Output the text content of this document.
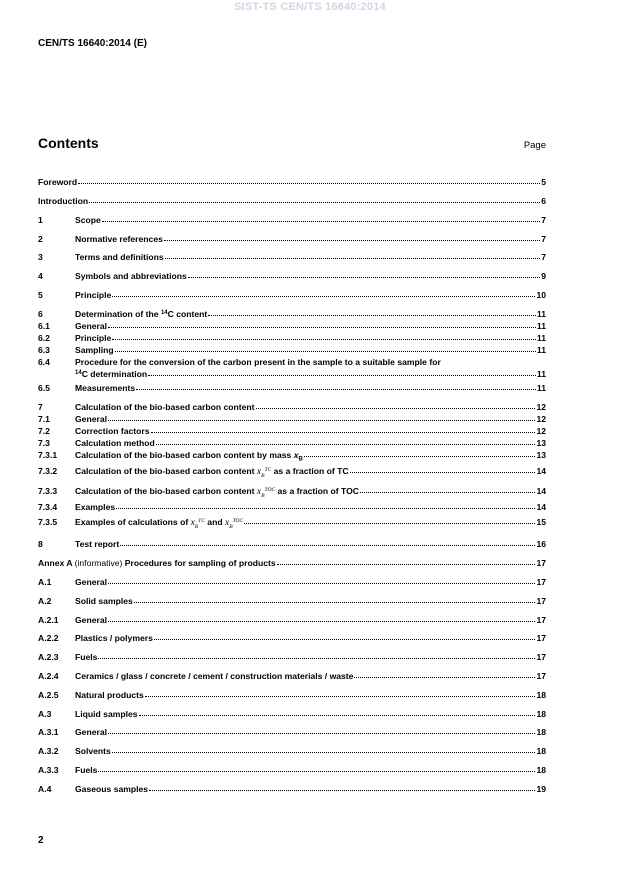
SIST-TS CEN/TS 16640:2014
CEN/TS 16640:2014 (E)
Contents	Page
Foreword	5
Introduction	6
1	Scope	7
2	Normative references	7
3	Terms and definitions	7
4	Symbols and abbreviations	9
5	Principle	10
6	Determination of the $^{14}$C content	11
6.1	General	11
6.2	Principle	11
6.3	Sampling	11
6.4	Procedure for the conversion of the carbon present in the sample to a suitable sample for
$^{14}$C determination	11
6.5	Measurements	11
7	Calculation of the bio-based carbon content	12
7.1	General	12
7.2	Correction factors	12
7.3	Calculation method	13
7.3.1	Calculation of the bio-based carbon content by mass $x_B$	13
7.3.2	Calculation of the bio-based carbon content $x_B^{TC}$ as a fraction of TC	14
7.3.3	Calculation of the bio-based carbon content $x_B^{TOC}$ as a fraction of TOC	14
7.3.4	Examples	14
7.3.5	Examples of calculations of $x_B^{TC}$ and $x_B^{TOC}$	15
8	Test report	16
Annex A (informative) Procedures for sampling of products	17
A.1	General	17
A.2	Solid samples	17
A.2.1	General	17
A.2.2	Plastics / polymers	17
A.2.3	Fuels	17
A.2.4	Ceramics / glass / concrete / cement / construction materials / waste	17
A.2.5	Natural products	18
A.3	Liquid samples	18
A.3.1	General	18
A.3.2	Solvents	18
A.3.3	Fuels	18
A.4	Gaseous samples	19
2
